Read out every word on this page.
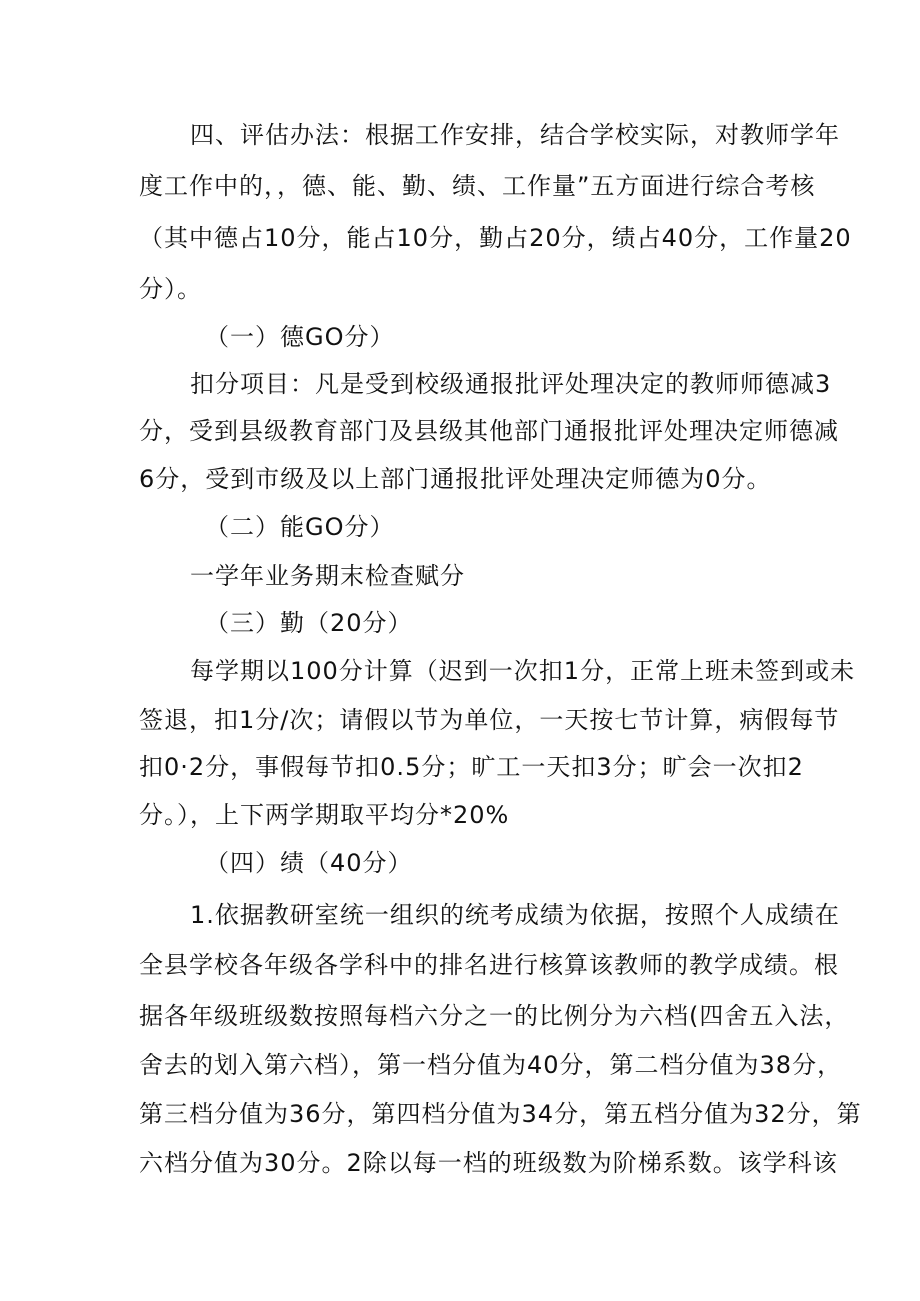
四、评估办法：根据工作安排，结合学校实际，对教师学年
度工作中的，，德、能、勤、绩、工作量”五方面进行综合考核
（其中德占10分，能占10分，勤占20分，绩占40分，工作量20
分）。
（一）德GO分）
扣分项目：凡是受到校级通报批评处理决定的教师师德减3
分，受到县级教育部门及县级其他部门通报批评处理决定师德减
6分，受到市级及以上部门通报批评处理决定师德为0分。
（二）能GO分）
一学年业务期末检查赋分
（三）勤（20分）
每学期以100分计算（迟到一次扣1分，正常上班未签到或未
签退，扣1分/次；请假以节为单位，一天按七节计算，病假每节
扣0·2分，事假每节扣0.5分；旷工一天扣3分；旷会一次扣2
分。），上下两学期取平均分*20%
（四）绩（40分）
1.依据教研室统一组织的统考成绩为依据，按照个人成绩在
全县学校各年级各学科中的排名进行核算该教师的教学成绩。根
据各年级班级数按照每档六分之一的比例分为六档(四舍五入法，
舍去的划入第六档），第一档分值为40分，第二档分值为38分，
第三档分值为36分，第四档分值为34分，第五档分值为32分，第
六档分值为30分。2除以每一档的班级数为阶梯系数。该学科该
